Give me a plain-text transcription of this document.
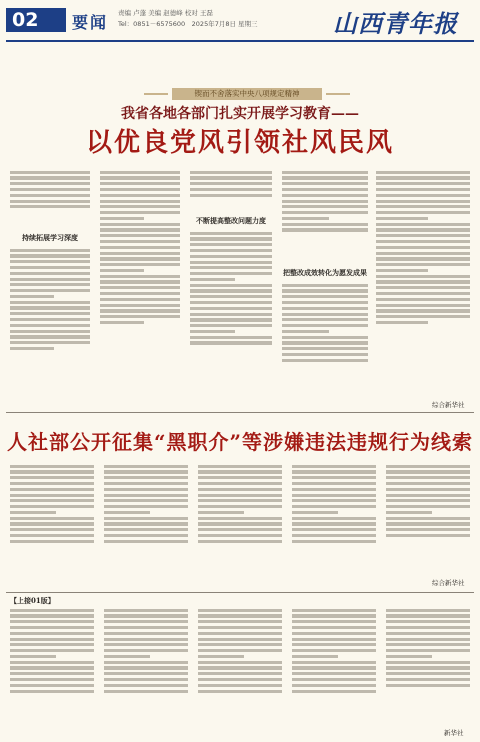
02	要闻 责编 卢蓬 美编 赵德峰 校对 王磊
Tel：0851－6575600　2025年7月8日 星期三	山西青年报
锲而不舍落实中央八项规定精神
我省各地各部门扎实开展学习教育——
以优良党风引领社风民风
持续拓展学习深度
不断提高整改问题力度
把整改成效转化为愿发成果
综合新华社
人社部公开征集“黑职介”等涉嫌违法违规行为线索
综合新华社
【上接01版】
新华社
